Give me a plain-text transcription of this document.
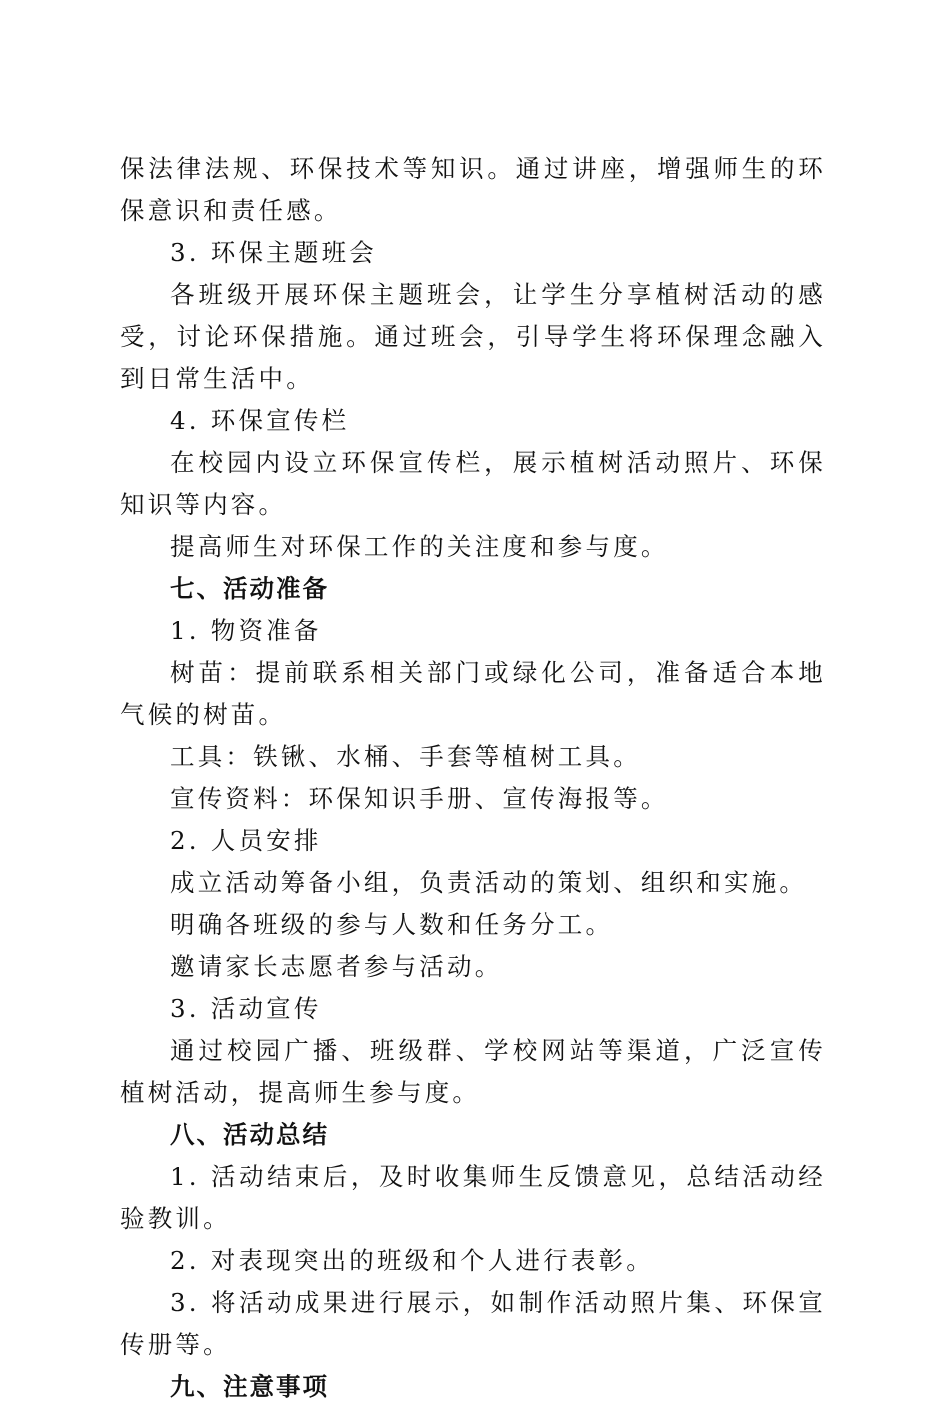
保法律法规、环保技术等知识。通过讲座，增强师生的环保意识和责任感。

3. 环保主题班会

各班级开展环保主题班会，让学生分享植树活动的感受，讨论环保措施。通过班会，引导学生将环保理念融入到日常生活中。

4. 环保宣传栏

在校园内设立环保宣传栏，展示植树活动照片、环保知识等内容。

提高师生对环保工作的关注度和参与度。

七、活动准备

1. 物资准备

树苗：提前联系相关部门或绿化公司，准备适合本地气候的树苗。

工具：铁锹、水桶、手套等植树工具。

宣传资料：环保知识手册、宣传海报等。

2. 人员安排

成立活动筹备小组，负责活动的策划、组织和实施。

明确各班级的参与人数和任务分工。

邀请家长志愿者参与活动。

3. 活动宣传

通过校园广播、班级群、学校网站等渠道，广泛宣传植树活动，提高师生参与度。

八、活动总结

1. 活动结束后，及时收集师生反馈意见，总结活动经验教训。

2. 对表现突出的班级和个人进行表彰。

3. 将活动成果进行展示，如制作活动照片集、环保宣传册等。

九、注意事项
